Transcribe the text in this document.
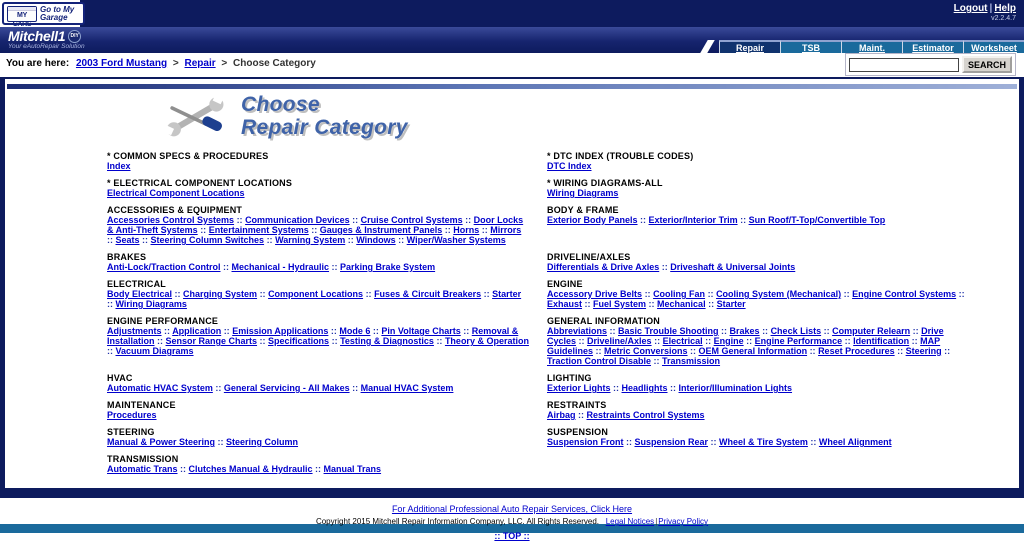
MY CARS
Go to My Garage
Logout | Help
v2.2.4.7
Mitchell1	DIY
Your eAutoRepair Solution	Repair	TSB	Maint.	Estimator	Worksheet
You are here: 2003 Ford Mustang > Repair > Choose Category	SEARCH
Choose
Repair Category
* COMMON SPECS & PROCEDURES
Index
* DTC INDEX (TROUBLE CODES)
DTC Index
* ELECTRICAL COMPONENT LOCATIONS
Electrical Component Locations
* WIRING DIAGRAMS-ALL
Wiring Diagrams
ACCESSORIES & EQUIPMENT
Accessories Control Systems :: Communication Devices :: Cruise Control Systems :: Door Locks & Anti-Theft Systems :: Entertainment Systems :: Gauges & Instrument Panels :: Horns :: Mirrors :: Seats :: Steering Column Switches :: Warning System :: Windows :: Wiper/Washer Systems
BODY & FRAME
Exterior Body Panels :: Exterior/Interior Trim :: Sun Roof/T-Top/Convertible Top
BRAKES
Anti-Lock/Traction Control :: Mechanical - Hydraulic :: Parking Brake System
DRIVELINE/AXLES
Differentials & Drive Axles :: Driveshaft & Universal Joints
ELECTRICAL
Body Electrical :: Charging System :: Component Locations :: Fuses & Circuit Breakers :: Starter :: Wiring Diagrams
ENGINE
Accessory Drive Belts :: Cooling Fan :: Cooling System (Mechanical) :: Engine Control Systems :: Exhaust :: Fuel System :: Mechanical :: Starter
ENGINE PERFORMANCE
Adjustments :: Application :: Emission Applications :: Mode 6 :: Pin Voltage Charts :: Removal & Installation :: Sensor Range Charts :: Specifications :: Testing & Diagnostics :: Theory & Operation :: Vacuum Diagrams
GENERAL INFORMATION
Abbreviations :: Basic Trouble Shooting :: Brakes :: Check Lists :: Computer Relearn :: Drive Cycles :: Driveline/Axles :: Electrical :: Engine :: Engine Performance :: Identification :: MAP Guidelines :: Metric Conversions :: OEM General Information :: Reset Procedures :: Steering :: Traction Control Disable :: Transmission
HVAC
Automatic HVAC System :: General Servicing - All Makes :: Manual HVAC System
LIGHTING
Exterior Lights :: Headlights :: Interior/Illumination Lights
MAINTENANCE
Procedures
RESTRAINTS
Airbag :: Restraints Control Systems
STEERING
Manual & Power Steering :: Steering Column
SUSPENSION
Suspension Front :: Suspension Rear :: Wheel & Tire System :: Wheel Alignment
TRANSMISSION
Automatic Trans :: Clutches Manual & Hydraulic :: Manual Trans
For Additional Professional Auto Repair Services, Click Here
Copyright 2015 Mitchell Repair Information Company, LLC. All Rights Reserved. Legal Notices|Privacy Policy
:: TOP ::
